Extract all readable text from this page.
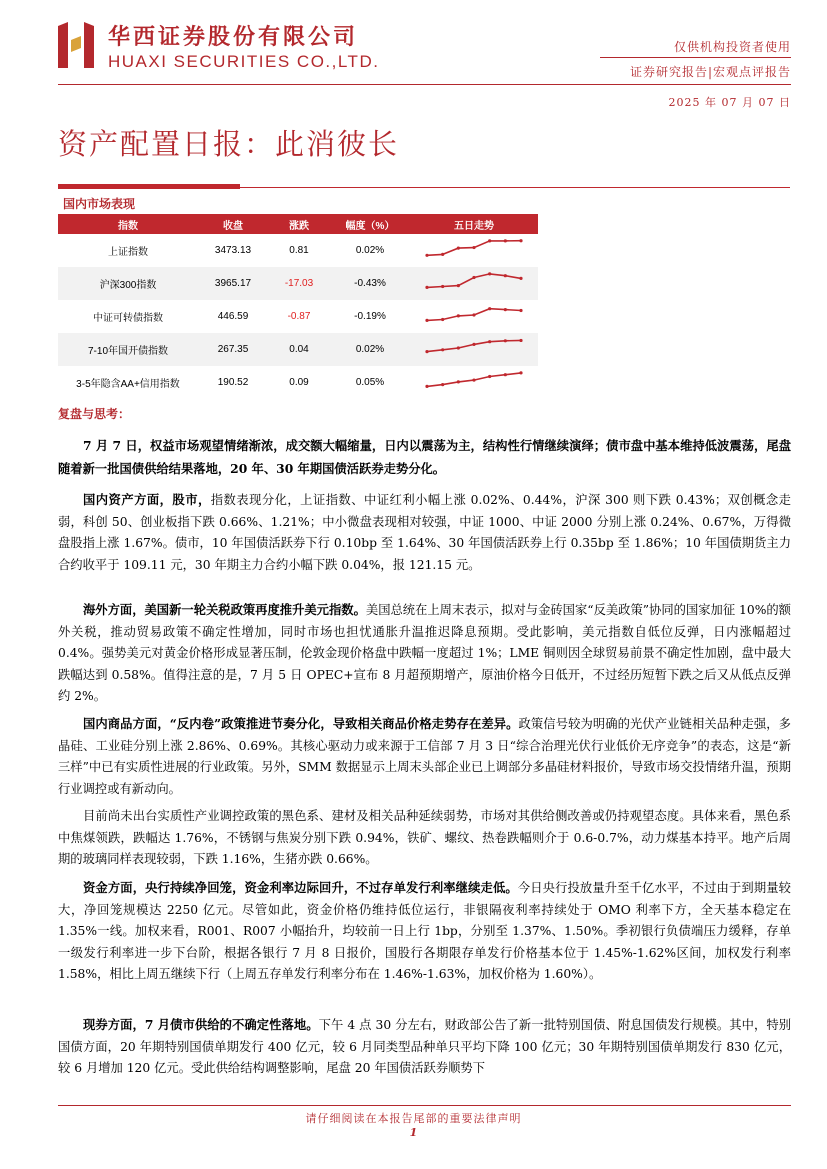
华西证券股份有限公司
HUAXI SECURITIES CO.,LTD.
仅供机构投资者使用
证券研究报告|宏观点评报告
2025 年 07 月 07 日
资产配置日报：此消彼长
国内市场表现
指数	收盘	涨跌	幅度（%）	五日走势
上证指数	3473.13	0.81	0.02%	
沪深300指数	3965.17	-17.03	-0.43%	
中证可转债指数	446.59	-0.87	-0.19%	
7-10年国开债指数	267.35	0.04	0.02%	
3-5年隐含AA+信用指数	190.52	0.09	0.05%	
复盘与思考：
7 月 7 日，权益市场观望情绪渐浓，成交额大幅缩量，日内以震荡为主，结构性行情继续演绎；债市盘中基本维持低波震荡，尾盘随着新一批国债供给结果落地，20 年、30 年期国债活跃券走势分化。
国内资产方面，股市，指数表现分化，上证指数、中证红利小幅上涨 0.02%、0.44%，沪深 300 则下跌 0.43%；双创概念走弱，科创 50、创业板指下跌 0.66%、1.21%；中小微盘表现相对较强，中证 1000、中证 2000 分别上涨 0.24%、0.67%，万得微盘股指上涨 1.67%。债市，10 年国债活跃券下行 0.10bp 至 1.64%、30 年国债活跃券上行 0.35bp 至 1.86%；10 年国债期货主力合约收平于 109.11 元，30 年期主力合约小幅下跌 0.04%，报 121.15 元。
海外方面，美国新一轮关税政策再度推升美元指数。美国总统在上周末表示，拟对与金砖国家“反美政策”协同的国家加征 10%的额外关税，推动贸易政策不确定性增加，同时市场也担忧通胀升温推迟降息预期。受此影响，美元指数自低位反弹，日内涨幅超过 0.4%。强势美元对黄金价格形成显著压制，伦敦金现价格盘中跌幅一度超过 1%；LME 铜则因全球贸易前景不确定性加剧，盘中最大跌幅达到 0.58%。值得注意的是，7 月 5 日 OPEC+宣布 8 月超预期增产，原油价格今日低开，不过经历短暂下跌之后又从低点反弹约 2%。
国内商品方面，“反内卷”政策推进节奏分化，导致相关商品价格走势存在差异。政策信号较为明确的光伏产业链相关品种走强，多晶硅、工业硅分别上涨 2.86%、0.69%。其核心驱动力或来源于工信部 7 月 3 日“综合治理光伏行业低价无序竞争”的表态，这是“新三样”中已有实质性进展的行业政策。另外，SMM 数据显示上周末头部企业已上调部分多晶硅材料报价，导致市场交投情绪升温，预期行业调控或有新动向。
目前尚未出台实质性产业调控政策的黑色系、建材及相关品种延续弱势，市场对其供给侧改善或仍持观望态度。具体来看，黑色系中焦煤领跌，跌幅达 1.76%，不锈钢与焦炭分别下跌 0.94%，铁矿、螺纹、热卷跌幅则介于 0.6-0.7%，动力煤基本持平。地产后周期的玻璃同样表现较弱，下跌 1.16%，生猪亦跌 0.66%。
资金方面，央行持续净回笼，资金利率边际回升，不过存单发行利率继续走低。今日央行投放量升至千亿水平，不过由于到期量较大，净回笼规模达 2250 亿元。尽管如此，资金价格仍维持低位运行，非银隔夜利率持续处于 OMO 利率下方，全天基本稳定在 1.35%一线。加权来看，R001、R007 小幅抬升，均较前一日上行 1bp，分别至 1.37%、1.50%。季初银行负债端压力缓释，存单一级发行利率进一步下台阶，根据各银行 7 月 8 日报价，国股行各期限存单发行价格基本位于 1.45%-1.62%区间，加权发行利率 1.58%，相比上周五继续下行（上周五存单发行利率分布在 1.46%-1.63%，加权价格为 1.60%）。
现券方面，7 月债市供给的不确定性落地。下午 4 点 30 分左右，财政部公告了新一批特别国债、附息国债发行规模。其中，特别国债方面，20 年期特别国债单期发行 400 亿元，较 6 月同类型品种单只平均下降 100 亿元；30 年期特别国债单期发行 830 亿元，较 6 月增加 120 亿元。受此供给结构调整影响，尾盘 20 年国债活跃券顺势下
请仔细阅读在本报告尾部的重要法律声明
1
